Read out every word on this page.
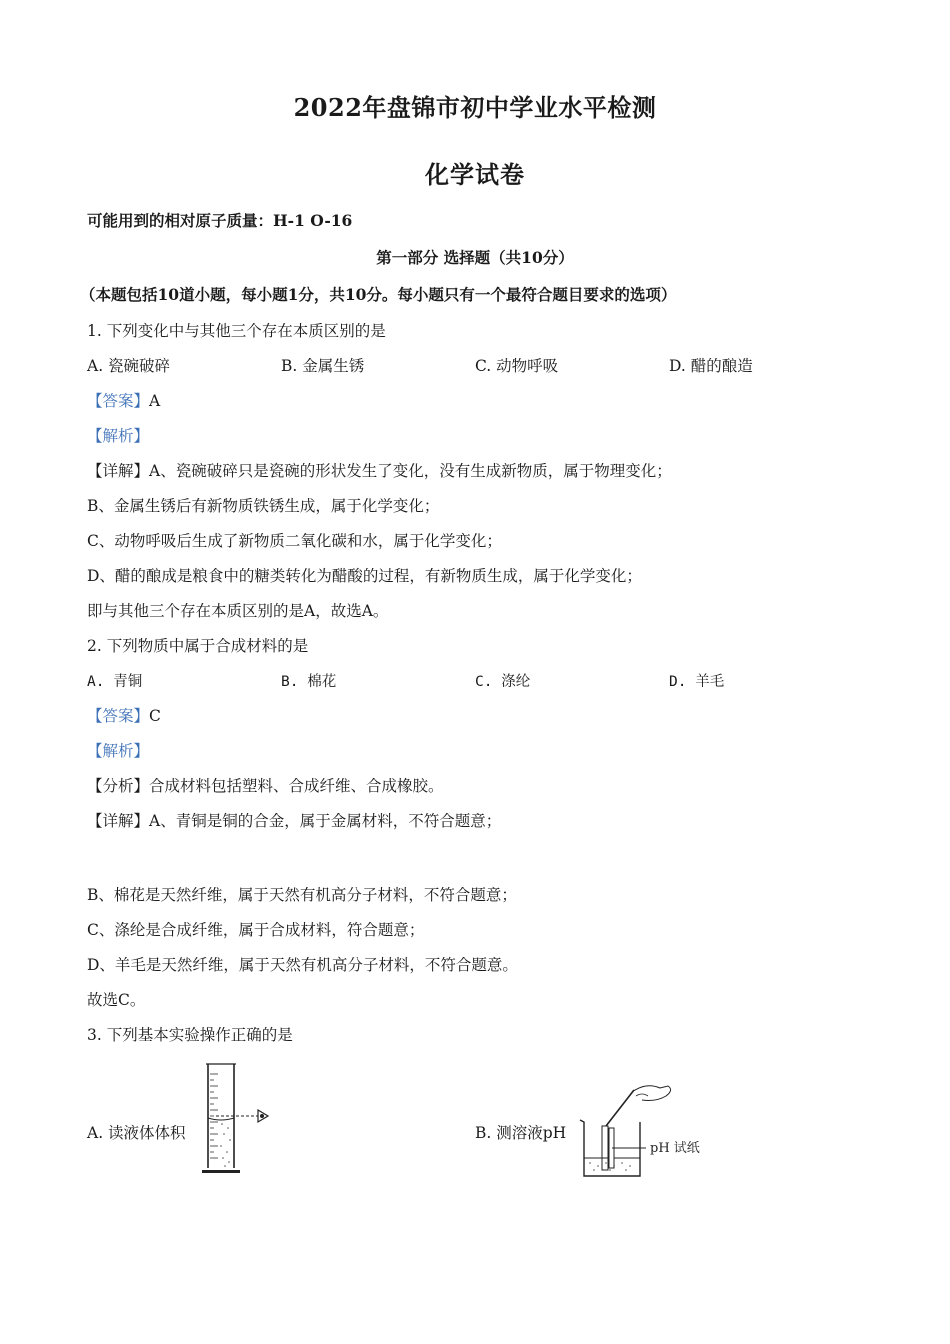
2022年盘锦市初中学业水平检测
化学试卷
可能用到的相对原子质量：H-1 O-16
第一部分 选择题（共10分）
（本题包括10道小题，每小题1分，共10分。每小题只有一个最符合题目要求的选项）
1. 下列变化中与其他三个存在本质区别的是
A. 瓷碗破碎	B. 金属生锈	C. 动物呼吸	D. 醋的酿造
【答案】A
【解析】
【详解】A、瓷碗破碎只是瓷碗的形状发生了变化，没有生成新物质，属于物理变化；
B、金属生锈后有新物质铁锈生成，属于化学变化；
C、动物呼吸后生成了新物质二氧化碳和水，属于化学变化；
D、醋的酿成是粮食中的糖类转化为醋酸的过程，有新物质生成，属于化学变化；
即与其他三个存在本质区别的是A，故选A。
2. 下列物质中属于合成材料的是
A. 青铜	B. 棉花	C. 涤纶	D. 羊毛
【答案】C
【解析】
【分析】合成材料包括塑料、合成纤维、合成橡胶。
【详解】A、青铜是铜的合金，属于金属材料，不符合题意；
B、棉花是天然纤维，属于天然有机高分子材料，不符合题意；
C、涤纶是合成纤维，属于合成材料，符合题意；
D、羊毛是天然纤维，属于天然有机高分子材料，不符合题意。
故选C。
3. 下列基本实验操作正确的是
A. 读液体体积	B. 测溶液pH
pH 试纸
